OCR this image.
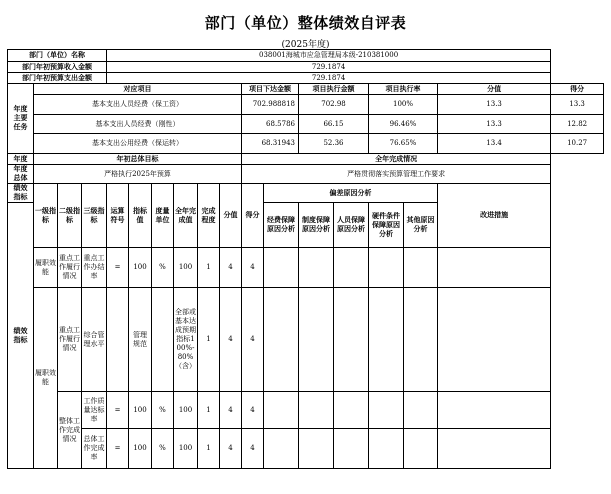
部门（单位）整体绩效自评表
(2025年度)
部门（单位）名称				038001海城市应急管理局本级-210381000													
部门年初预算收入金额				729.1874													
部门年初预算支出金额				729.1874													

年度
主要
任务	对应项目									项目下达金额		项目执行金额		项目执行率		分值	得分
	基本支出人员经费（保工资）									702.988818		702.98		100%		13.3	13.3
	基本支出人员经费（刚性）									68.5786		66.15		96.46%		13.3	12.82
	基本支出公用经费（保运转）									68.31943		52.36		76.65%		13.4	10.27
年度	年初总体目标									全年完成情况							

年度
总体	严格执行2025年预算									严格贯彻落实预算管理工作要求							

绩效
指标	一级指标	二级指标	三级指标	运算符号	指标值	度量单位	全年完成值	完成程度	分值	得分	偏差原因分析					改进措施	

绩效
指标											经费保障原因分析	制度保障原因分析	人员保障原因分析	硬件条件保障原因分析	其他原因分析		
	履职效能	重点工作履行情况	重点工作办结率	=	100	%	100	1	4	4							
	履职效能	重点工作履行情况	综合管理水平		管理规范		全部或基本达成预期指标100%-80%（含）	1	4	4							
		整体工作完成情况	工作质量达标率	=	100	%	100	1	4	4							
			总体工作完成率	=	100	%	100	1	4	4							
